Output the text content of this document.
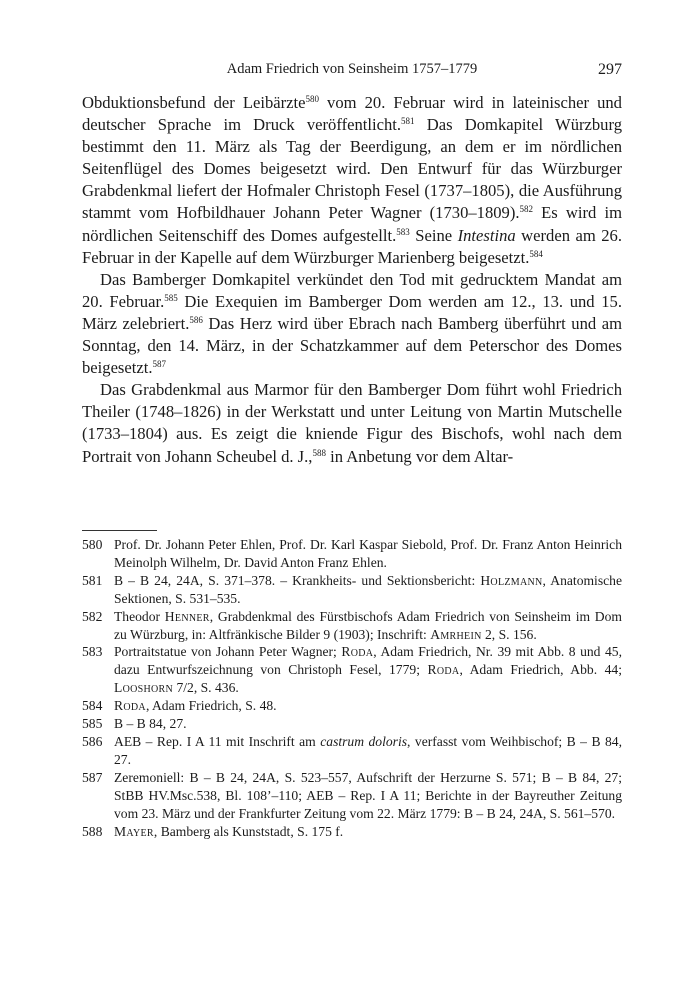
Adam Friedrich von Seinsheim 1757–1779	297

Obduktionsbefund der Leibärzte$^{580}$ vom 20. Februar wird in lateinischer und deutscher Sprache im Druck veröffentlicht.$^{581}$ Das Domkapitel Würzburg bestimmt den 11. März als Tag der Beerdigung, an dem er im nördlichen Seitenflügel des Domes beigesetzt wird. Den Entwurf für das Würzburger Grabdenkmal liefert der Hofmaler Christoph Fesel (1737–1805), die Ausführung stammt vom Hofbildhauer Johann Peter Wagner (1730–1809).$^{582}$ Es wird im nördlichen Seitenschiff des Domes aufgestellt.$^{583}$ Seine Intestina werden am 26. Februar in der Kapelle auf dem Würzburger Marienberg beigesetzt.$^{584}$

Das Bamberger Domkapitel verkündet den Tod mit gedrucktem Mandat am 20. Februar.$^{585}$ Die Exequien im Bamberger Dom werden am 12., 13. und 15. März zelebriert.$^{586}$ Das Herz wird über Ebrach nach Bamberg überführt und am Sonntag, den 14. März, in der Schatzkammer auf dem Peterschor des Domes beigesetzt.$^{587}$

Das Grabdenkmal aus Marmor für den Bamberger Dom führt wohl Friedrich Theiler (1748–1826) in der Werkstatt und unter Leitung von Martin Mutschelle (1733–1804) aus. Es zeigt die kniende Figur des Bischofs, wohl nach dem Portrait von Johann Scheubel d. J.,$^{588}$ in Anbetung vor dem Altar-

580 Prof. Dr. Johann Peter Ehlen, Prof. Dr. Karl Kaspar Siebold, Prof. Dr. Franz Anton Heinrich Meinolph Wilhelm, Dr. David Anton Franz Ehlen.
581 B – B 24, 24A, S. 371–378. – Krankheits- und Sektionsbericht: Holzmann, Anatomische Sektionen, S. 531–535.
582 Theodor Henner, Grabdenkmal des Fürstbischofs Adam Friedrich von Seinsheim im Dom zu Würzburg, in: Altfränkische Bilder 9 (1903); Inschrift: Amrhein 2, S. 156.
583 Portraitstatue von Johann Peter Wagner; Roda, Adam Friedrich, Nr. 39 mit Abb. 8 und 45, dazu Entwurfszeichnung von Christoph Fesel, 1779; Roda, Adam Friedrich, Abb. 44; Looshorn 7/2, S. 436.
584 Roda, Adam Friedrich, S. 48.
585 B – B 84, 27.
586 AEB – Rep. I A 11 mit Inschrift am castrum doloris, verfasst vom Weihbischof; B – B 84, 27.
587 Zeremoniell: B – B 24, 24A, S. 523–557, Aufschrift der Herzurne S. 571; B – B 84, 27; StBB HV.Msc.538, Bl. 108’–110; AEB – Rep. I A 11; Berichte in der Bayreuther Zeitung vom 23. März und der Frankfurter Zeitung vom 22. März 1779: B – B 24, 24A, S. 561–570.
588 Mayer, Bamberg als Kunststadt, S. 175 f.
